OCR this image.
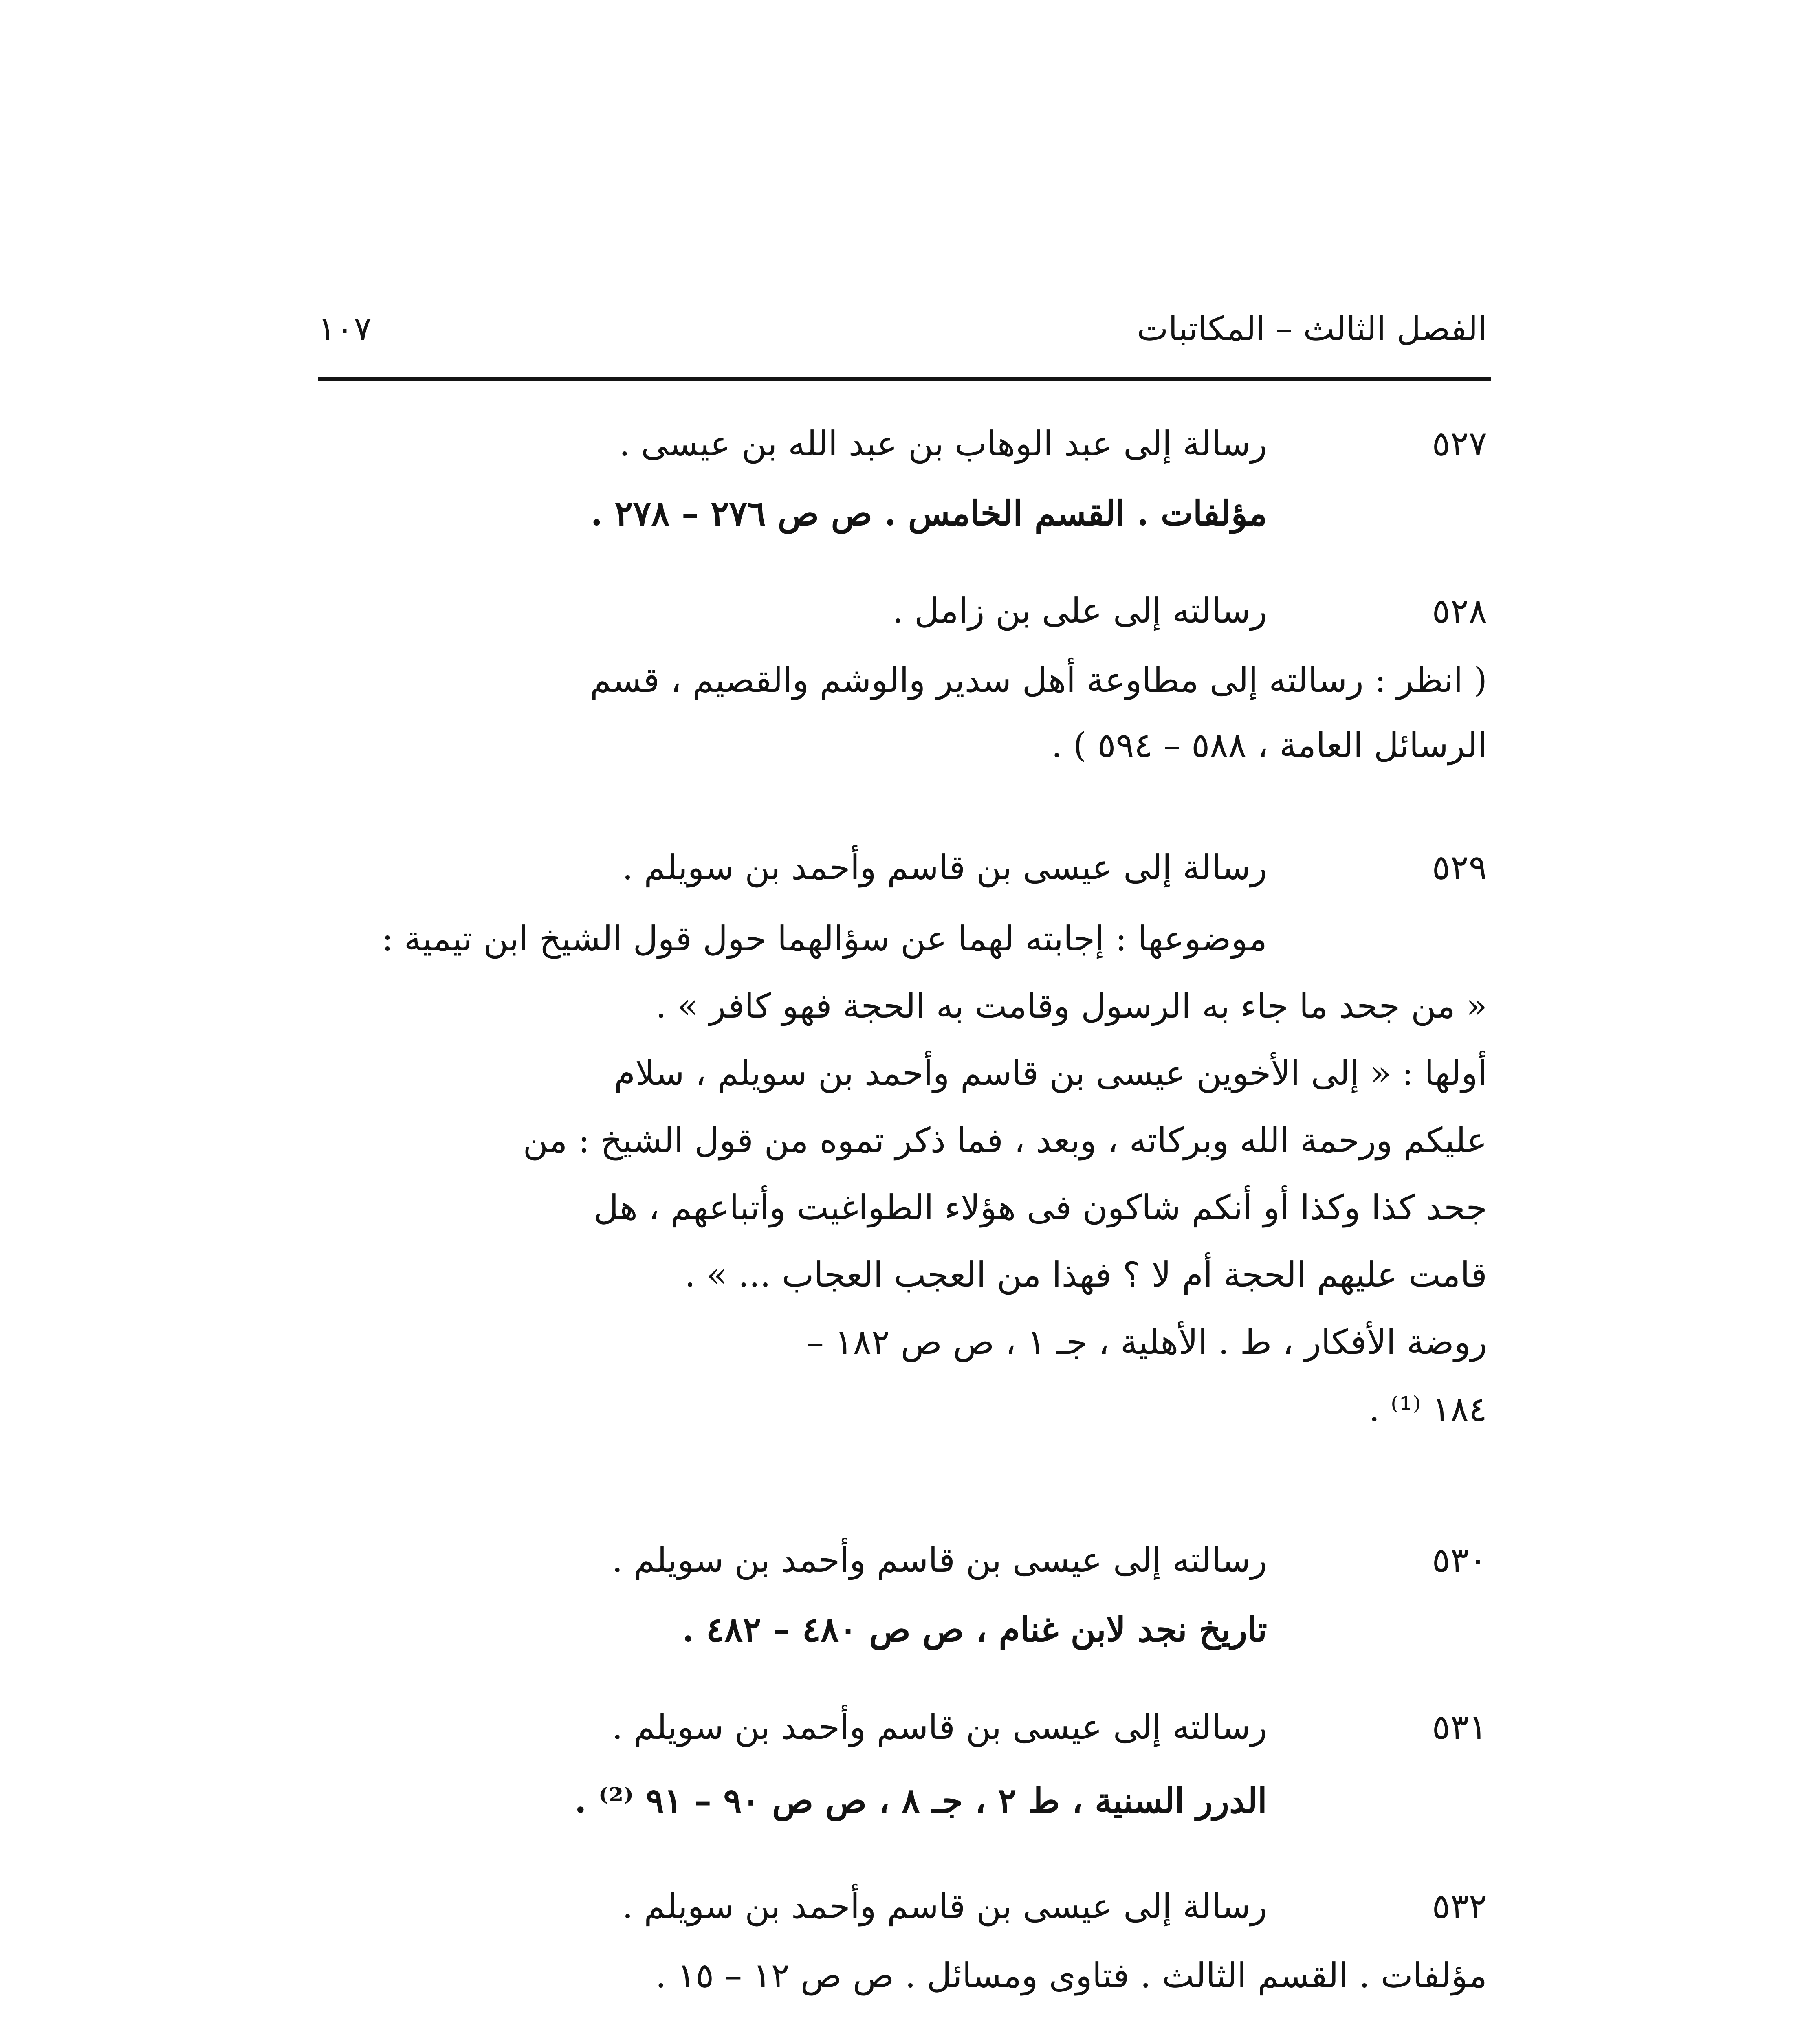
الفصل الثالث – المكاتبات
١٠٧
٥٢٧
رسالة إلى عبد الوهاب بن عبد الله بن عيسى .
مؤلفات . القسم الخامس . ص ص ٢٧٦ – ٢٧٨ .
٥٢٨
رسالته إلى على بن زامل .
( انظر : رسالته إلى مطاوعة أهل سدير والوشم والقصيم ، قسم
الرسائل العامة ، ٥٨٨ – ٥٩٤ ) .
٥٢٩
رسالة إلى عيسى بن قاسم وأحمد بن سويلم .
موضوعها : إجابته لهما عن سؤالهما حول قول الشيخ ابن تيمية :
« من جحد ما جاء به الرسول وقامت به الحجة فهو كافر » .
أولها : « إلى الأخوين عيسى بن قاسم وأحمد بن سويلم ، سلام
عليكم ورحمة الله وبركاته ، وبعد ، فما ذكر تموه من قول الشيخ : من
جحد كذا وكذا أو أنكم شاكون فى هؤلاء الطواغيت وأتباعهم ، هل
قامت عليهم الحجة أم لا ؟ فهذا من العجب العجاب ... » .
روضة الأفكار ، ط . الأهلية ، جـ ١ ، ص ص ١٨٢ –
١٨٤ ⁽¹⁾ .
٥٣٠
رسالته إلى عيسى بن قاسم وأحمد بن سويلم .
تاريخ نجد لابن غنام ، ص ص ٤٨٠ – ٤٨٢ .
٥٣١
رسالته إلى عيسى بن قاسم وأحمد بن سويلم .
الدرر السنية ، ط ٢ ، جـ ٨ ، ص ص ٩٠ – ٩١ ⁽²⁾ .
٥٣٢
رسالة إلى عيسى بن قاسم وأحمد بن سويلم .
مؤلفات . القسم الثالث . فتاوى ومسائل . ص ص ١٢ – ١٥ .
